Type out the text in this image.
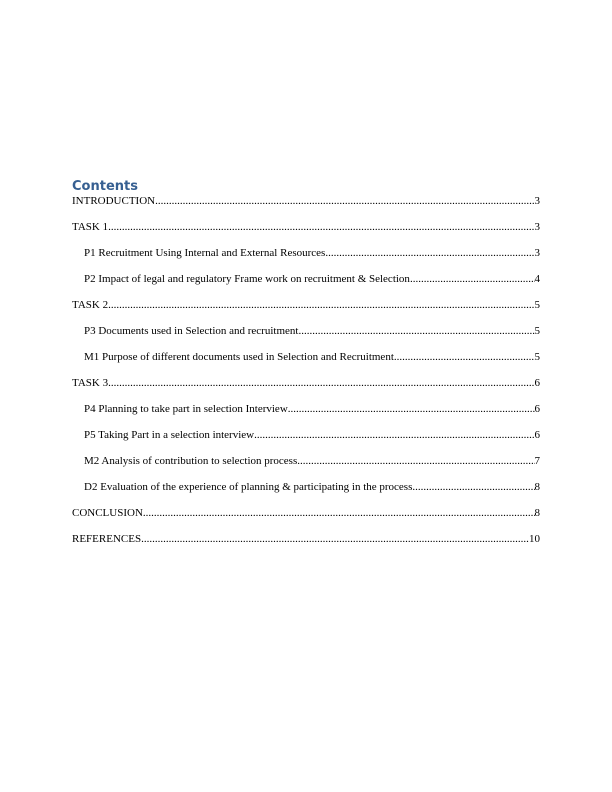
Contents
INTRODUCTION .....	3
TASK 1 .....	3
P1 Recruitment Using Internal and External Resources .....	3
P2 Impact of legal and regulatory Frame work on recruitment & Selection .....	4
TASK 2 .....	5
P3 Documents used in Selection and recruitment .....	5
M1 Purpose of different documents used in Selection and Recruitment .....	5
TASK 3 .....	6
P4 Planning to take part in selection Interview .....	6
P5 Taking Part in a selection interview .....	6
M2 Analysis of contribution to selection process .....	7
D2 Evaluation of the experience of planning & participating in the process .....	8
CONCLUSION .....	8
REFERENCES .....	10
